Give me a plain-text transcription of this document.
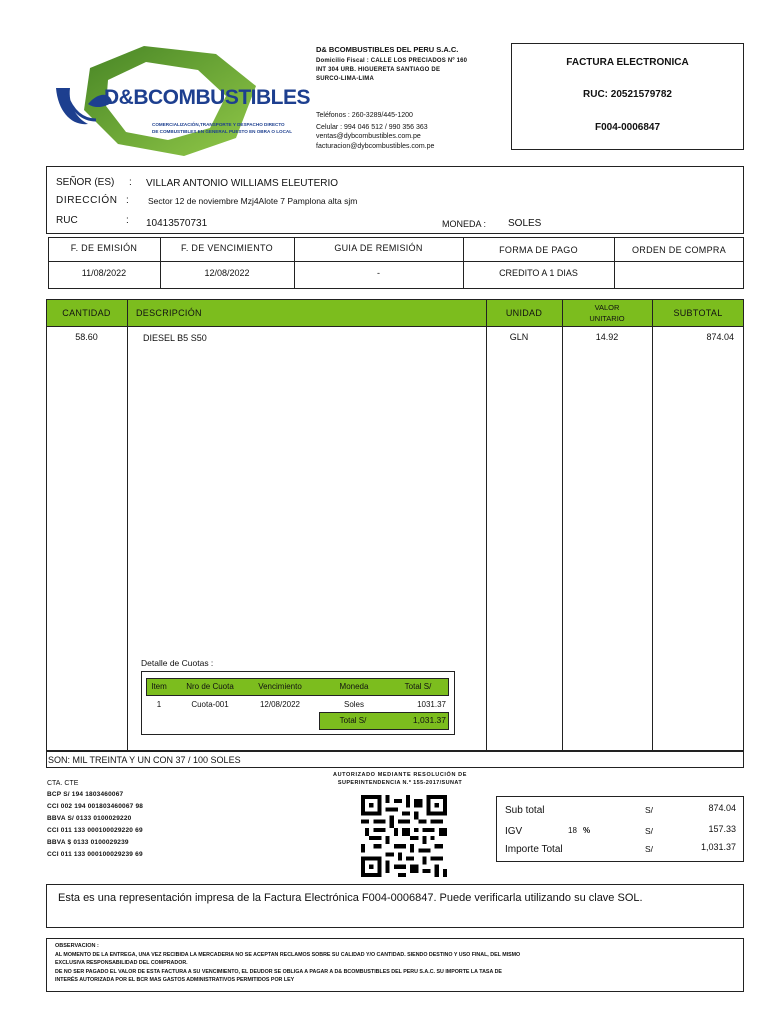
D&BCOMBUSTIBLES
COMERCIALIZACIÓN,TRANSPORTE Y DESPACHO DIRECTO
DE COMBUSTIBLES EN GENERAL PUESTO EN OBRA O LOCAL
D& BCOMBUSTIBLES DEL PERU S.A.C.
Domicilio Fiscal : CALLE LOS PRECIADOS Nº 160
INT 304 URB. HIGUERETA SANTIAGO DE
SURCO-LIMA-LIMA
Teléfonos : 260-3289/445-1200
Celular : 994 046 512 / 990 356 363
ventas@dybcombustibles.com.pe
facturacion@dybcombustibles.com.pe
FACTURA ELECTRONICA
RUC: 20521579782
F004-0006847
SEÑOR (ES) : VILLAR ANTONIO WILLIAMS ELEUTERIO
DIRECCIÓN : Sector 12 de noviembre Mzj4Alote 7 Pamplona alta sjm
RUC	: 10413570731	MONEDA : SOLES
F. DE EMISIÓN	F. DE VENCIMIENTO	GUIA DE REMISIÓN	FORMA DE PAGO	ORDEN DE COMPRA
11/08/2022	12/08/2022	-	CREDITO A 1 DIAS
CANTIDAD	DESCRIPCIÓN	UNIDAD
VALOR
UNITARIO
SUBTOTAL
58.60	DIESEL B5 S50	GLN	14.92	874.04
Detalle de Cuotas :
Item	Nro de Cuota	Vencimiento	Moneda	Total S/
1	Cuota-001	12/08/2022	Soles	1031.37
Total S/	1,031.37
SON: MIL TREINTA Y UN CON 37 / 100 SOLES
CTA. CTE
BCP S/ 194 1803460067
CCI 002 194 001803460067 98
BBVA S/ 0133 0100029220
CCI 011 133 000100029220 69
BBVA $ 0133 0100029239
CCI 011 133 000100029239 69
AUTORIZADO MEDIANTE RESOLUCIÓN DE
SUPERINTENDENCIA N.º 155-2017/SUNAT
Sub total	S/	874.04
IGV	18 %	S/	157.33
Importe Total	S/	1,031.37
Esta es una representación impresa de la Factura Electrónica F004-0006847. Puede verificarla utilizando su clave SOL.
OBSERVACION :
AL MOMENTO DE LA ENTREGA, UNA VEZ RECIBIDA LA MERCADERIA NO SE ACEPTAN RECLAMOS SOBRE SU CALIDAD Y/O CANTIDAD. SIENDO DESTINO Y USO FINAL, DEL MISMO
EXCLUSIVA RESPONSABILIDAD DEL COMPRADOR.
DE NO SER PAGADO EL VALOR DE ESTA FACTURA A SU VENCIMIENTO, EL DEUDOR SE OBLIGA A PAGAR A D& BCOMBUSTIBLES DEL PERU S.A.C. SU IMPORTE LA TASA DE
INTERÉS AUTORIZADA POR EL BCR MAS GASTOS ADMINISTRATIVOS PERMITIDOS POR LEY
